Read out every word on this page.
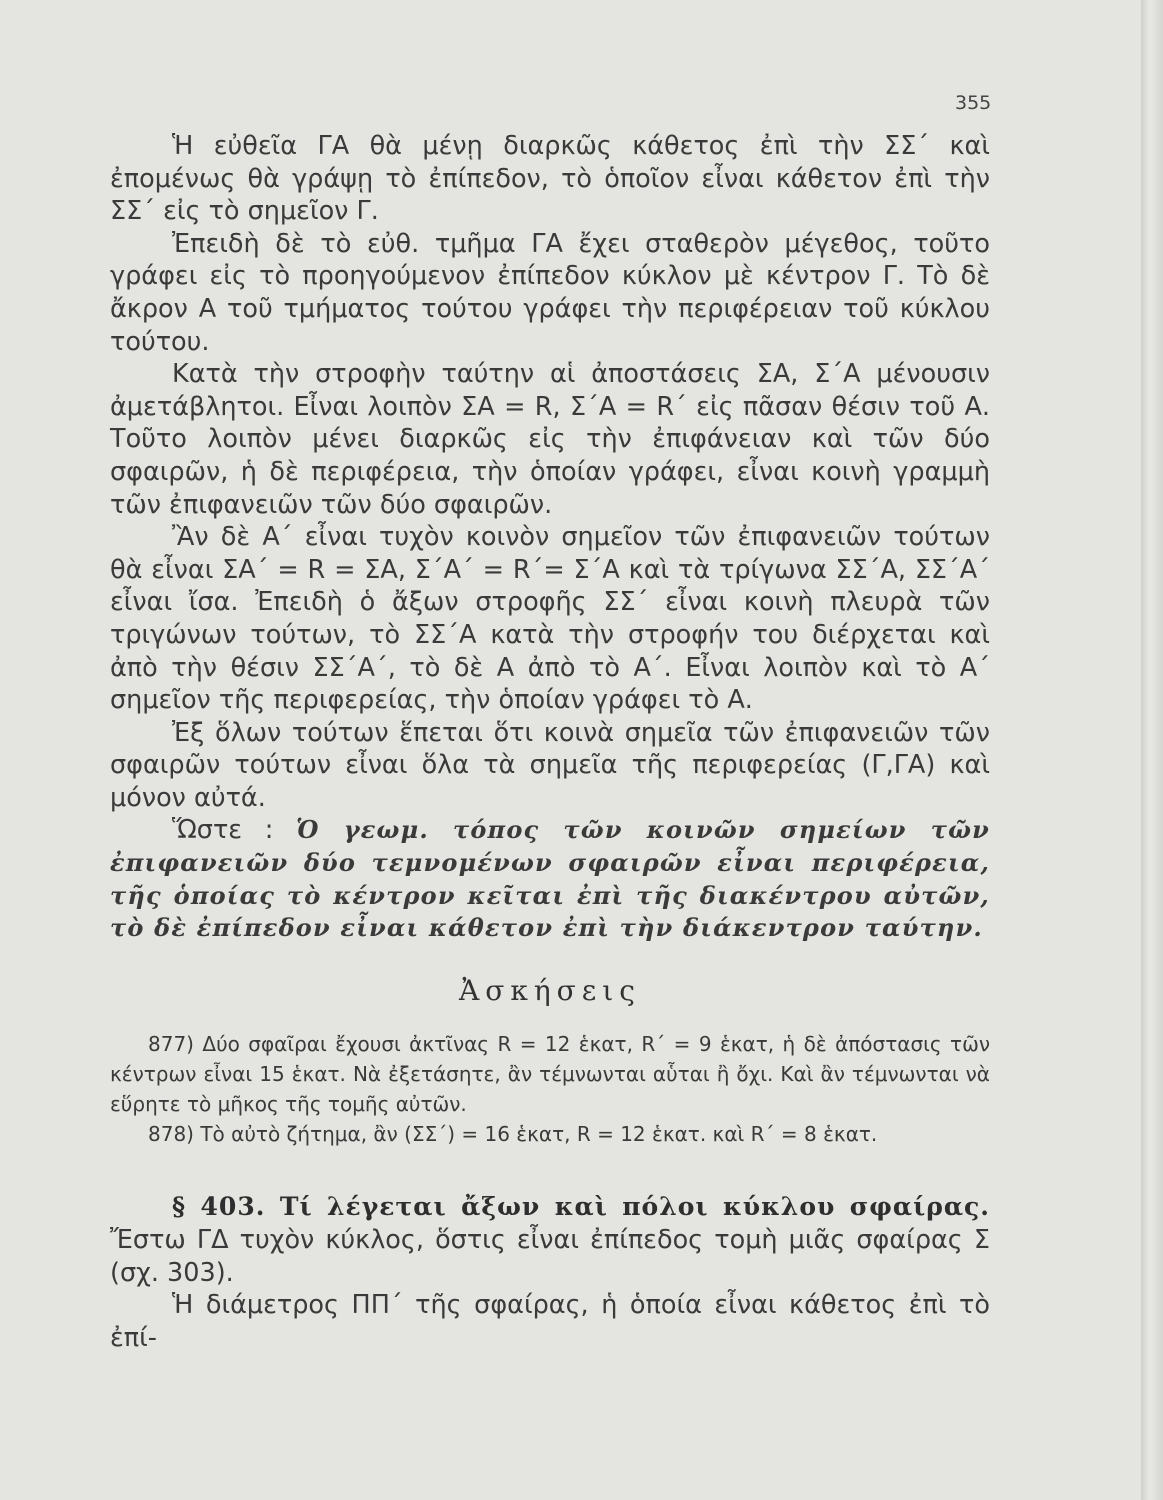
355

Ἡ εὐθεῖα ΓΑ θὰ μένῃ διαρκῶς κάθετος ἐπὶ τὴν ΣΣ΄ καὶ ἐπομένως θὰ γράψῃ τὸ ἐπίπεδον, τὸ ὁποῖον εἶναι κάθετον ἐπὶ τὴν ΣΣ΄ εἰς τὸ σημεῖον Γ.

Ἐπειδὴ δὲ τὸ εὐθ. τμῆμα ΓΑ ἔχει σταθερὸν μέγεθος, τοῦτο γράφει εἰς τὸ προηγούμενον ἐπίπεδον κύκλον μὲ κέντρον Γ. Τὸ δὲ ἄκρον Α τοῦ τμήματος τούτου γράφει τὴν περιφέρειαν τοῦ κύκλου τούτου.

Κατὰ τὴν στροφὴν ταύτην αἱ ἀποστάσεις ΣΑ, Σ΄Α μένουσιν ἀμετάβλητοι. Εἶναι λοιπὸν ΣΑ = R, Σ΄Α = R΄ εἰς πᾶσαν θέσιν τοῦ Α. Τοῦτο λοιπὸν μένει διαρκῶς εἰς τὴν ἐπιφάνειαν καὶ τῶν δύο σφαιρῶν, ἡ δὲ περιφέρεια, τὴν ὁποίαν γράφει, εἶναι κοινὴ γραμμὴ τῶν ἐπιφανειῶν τῶν δύο σφαιρῶν.

Ἂν δὲ Α΄ εἶναι τυχὸν κοινὸν σημεῖον τῶν ἐπιφανειῶν τούτων θὰ εἶναι ΣΑ΄ = R = ΣΑ, Σ΄Α΄ = R΄= Σ΄Α καὶ τὰ τρίγωνα ΣΣ΄Α, ΣΣ΄Α΄ εἶναι ἴσα. Ἐπειδὴ ὁ ἄξων στροφῆς ΣΣ΄ εἶναι κοινὴ πλευρὰ τῶν τριγώνων τούτων, τὸ ΣΣ΄Α κατὰ τὴν στροφήν του διέρχεται καὶ ἀπὸ τὴν θέσιν ΣΣ΄Α΄, τὸ δὲ Α ἀπὸ τὸ Α΄. Εἶναι λοιπὸν καὶ τὸ Α΄ σημεῖον τῆς περιφερείας, τὴν ὁποίαν γράφει τὸ Α.

Ἐξ ὅλων τούτων ἕπεται ὅτι κοινὰ σημεῖα τῶν ἐπιφανειῶν τῶν σφαιρῶν τούτων εἶναι ὅλα τὰ σημεῖα τῆς περιφερείας (Γ,ΓΑ) καὶ μόνον αὐτά.

Ὥστε : Ὁ γεωμ. τόπος τῶν κοινῶν σημείων τῶν ἐπιφανειῶν δύο τεμνομένων σφαιρῶν εἶναι περιφέρεια, τῆς ὁποίας τὸ κέντρον κεῖται ἐπὶ τῆς διακέντρου αὐτῶν, τὸ δὲ ἐπίπεδον εἶναι κάθετον ἐπὶ τὴν διάκεντρον ταύτην.

Ἀσκήσεις

877) Δύο σφαῖραι ἔχουσι ἀκτῖνας R = 12 ἑκατ, R΄ = 9 ἑκατ, ἡ δὲ ἀπόστασις τῶν κέντρων εἶναι 15 ἑκατ. Νὰ ἐξετάσητε, ἂν τέμνωνται αὗται ἢ ὄχι. Καὶ ἂν τέμνωνται νὰ εὕρητε τὸ μῆκος τῆς τομῆς αὐτῶν.

878) Τὸ αὐτὸ ζήτημα, ἂν (ΣΣ΄) = 16 ἑκατ, R = 12 ἑκατ. καὶ R΄ = 8 ἑκατ.

§ 403. Τί λέγεται ἄξων καὶ πόλοι κύκλου σφαίρας. Ἔστω ΓΔ τυχὸν κύκλος, ὅστις εἶναι ἐπίπεδος τομὴ μιᾶς σφαίρας Σ (σχ. 303).

Ἡ διάμετρος ΠΠ΄ τῆς σφαίρας, ἡ ὁποία εἶναι κάθετος ἐπὶ τὸ ἐπί-
